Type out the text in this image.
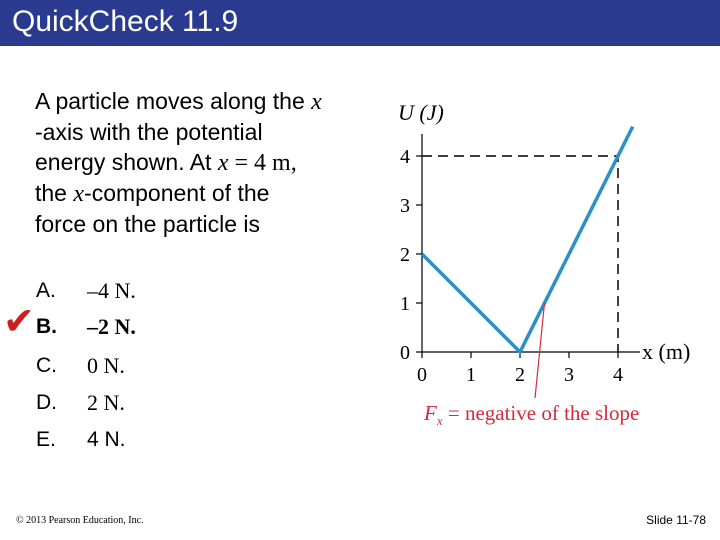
QuickCheck 11.9
A particle moves along the x
-axis with the potential
energy shown. At x = 4 m,
the x-component of the
force on the particle is
✔
A. –4 N.
B. –2 N.
C. 0 N.
D. 2 N.
E. 4 N.
U (J)
x (m)
0
1
2
3
4
0 1 2 3 4
$F_x$ = negative of the slope
© 2013 Pearson Education, Inc.	Slide 11-78
